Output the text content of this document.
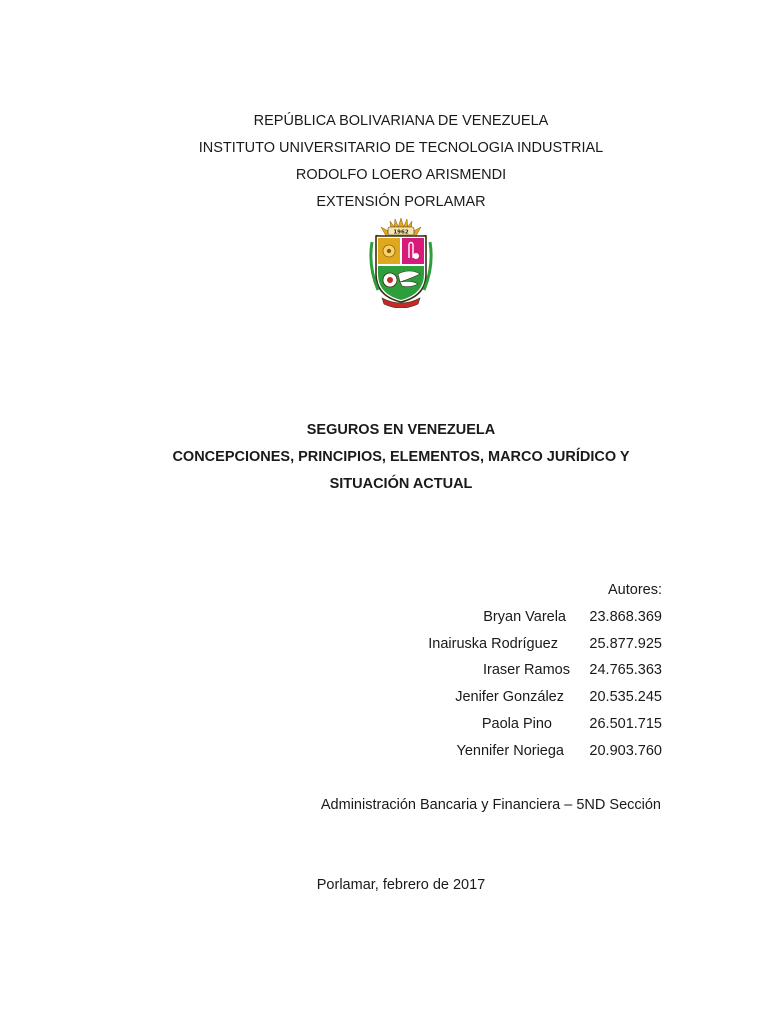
REPÚBLICA BOLIVARIANA DE VENEZUELA
INSTITUTO UNIVERSITARIO DE TECNOLOGIA INDUSTRIAL
RODOLFO LOERO ARISMENDI
EXTENSIÓN PORLAMAR
1962
SEGUROS EN VENEZUELA
CONCEPCIONES, PRINCIPIOS, ELEMENTOS, MARCO JURÍDICO Y
SITUACIÓN ACTUAL
Autores:
Bryan Varela 23.868.369
Inairuska Rodríguez 25.877.925
Iraser Ramos 24.765.363
Jenifer González 20.535.245
Paola Pino	26.501.715
Yennifer Noriega 20.903.760
Administración Bancaria y Financiera – 5ND Sección
Porlamar, febrero de 2017
